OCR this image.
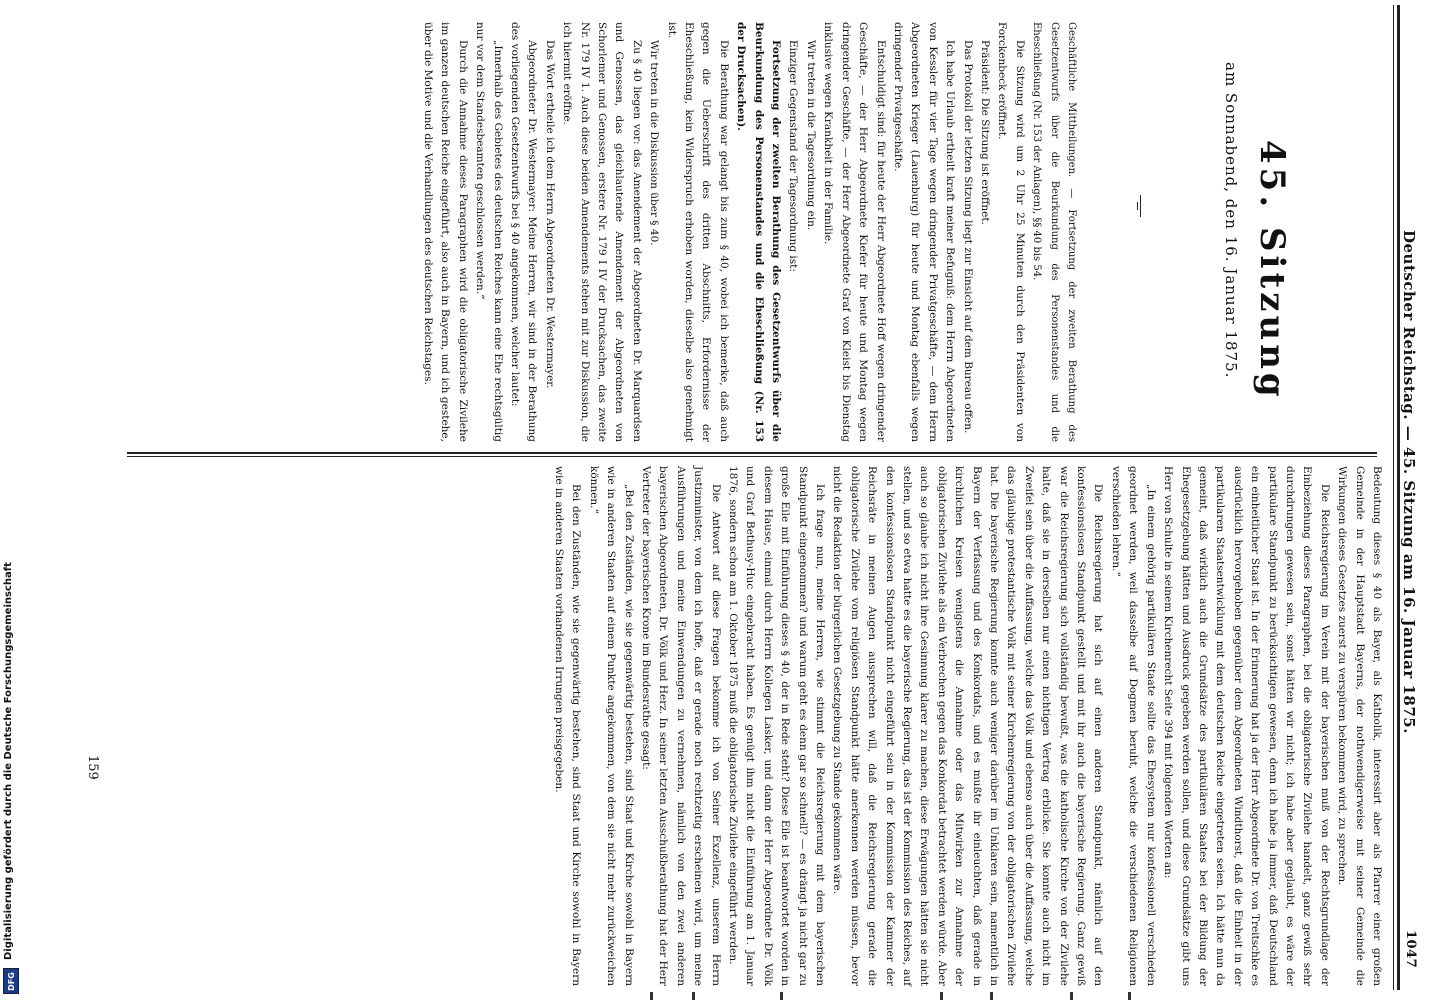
Deutscher Reichstag. — 45. Sitzung am 16. Januar 1875.
1047
45. Sitzung
am Sonnabend, den 16. Januar 1875.

Geschäftliche Mittheilungen. — Fortsetzung der zweiten Berathung des Gesetzentwurfs über die Beurkundung des Personenstandes und die Eheschließung (Nr. 153 der Anlagen), §§ 40 bis 54.

Die Sitzung wird um 2 Uhr 25 Minuten durch den Präsidenten von Forckenbeck eröffnet.

Präsident: Die Sitzung ist eröffnet.

Das Protokoll der letzten Sitzung liegt zur Einsicht auf dem Bureau offen.

Ich habe Urlaub ertheilt kraft meiner Befugniß: dem Herrn Abgeordneten von Kessler für vier Tage wegen dringender Privatgeschäfte, — dem Herrn Abgeordneten Krieger (Lauenburg) für heute und Montag ebenfalls wegen dringender Privatgeschäfte.

Entschuldigt sind: für heute der Herr Abgeordnete Hoff wegen dringender Geschäfte, — der Herr Abgeordnete Kiefer für heute und Montag wegen dringender Geschäfte, — der Herr Abgeordnete Graf von Kleist bis Dienstag inklusive wegen Krankheit in der Familie.

Wir treten in die Tagesordnung ein.

Einziger Gegenstand der Tagesordnung ist:

Fortsetzung der zweiten Berathung des Gesetzentwurfs über die Beurkundung des Personenstandes und die Eheschließung (Nr. 153 der Drucksachen).

Die Berathung war gelangt bis zum § 40, wobei ich bemerke, daß auch gegen die Ueberschrift des dritten Abschnitts, Erfordernisse der Eheschließung, kein Widerspruch erhoben worden, dieselbe also genehmigt ist.

Wir treten in die Diskussion über § 40.

Zu § 40 liegen vor: das Amendement der Abgeordneten Dr. Marquardsen und Genossen, das gleichlautende Amendement der Abgeordneten von Schorlemer und Genossen, erstere Nr. 179 I IV der Drucksachen, das zweite Nr. 179 IV 1. Auch diese beiden Amendements stehen mit zur Diskussion, die ich hiermit eröffne.

Das Wort ertheile ich dem Herrn Abgeordneten Dr. Westermayer.

Abgeordneter Dr. Westermayer: Meine Herren, wir sind in der Berathung des vorliegenden Gesetzentwurfs bei § 40 angekommen, welcher lautet:

„Innerhalb des Gebietes des deutschen Reiches kann eine Ehe rechtsgültig nur vor dem Standesbeamten geschlossen werden.“

Durch die Annahme dieses Paragraphen wird die obligatorische Zivilehe im ganzen deutschen Reiche eingeführt, also auch in Bayern, und ich gestehe, über die Motive und die Verhandlungen des deutschen Reichstages.

Bedeutung dieses § 40 als Bayer, als Katholik, interessirt aber als Pfarrer einer großen Gemeinde in der Hauptstadt Bayerns, der nothwendigerweise mit seiner Gemeinde die Wirkungen dieses Gesetzes zuerst zu verspüren bekommen wird, zu sprechen.

Die Reichsregierung im Verein mit der bayerischen muß von der Rechtsgrundlage der Einbeziehung dieses Paragraphen, bei die obligatorische Zivilehe handelt, ganz gewiß sehr durchdrungen gewesen sein, sonst hätten wir nicht; ich habe aber geglaubt, es wäre der partikulare Standpunkt zu berücksichtigen gewesen, denn ich habe ja immer, daß Deutschland ein einheitlicher Staat ist. In der Erinnerung hat ja der Herr Abgeordnete Dr. von Treitschke es ausdrücklich hervorgehoben gegenüber dem Abgeordneten Windthorst, daß die Einheit in der partikularen Staatsentwicklung mit dem deutschen Reiche eingetreten seien. Ich hätte nun da gemeint, daß wirklich auch die Grundsätze des partikulären Staates bei der Bildung der Ehegesetzgebung hätten und Ausdruck gegeben werden sollen, und diese Grundsätze gibt uns Herr von Schulte in seinem Kirchenrecht Seite 394 mit folgenden Worten an:

„In einem gehörig partikulären Staate sollte das Ehesystem nur konfessionell verschieden geordnet werden, weil dasselbe auf Dogmen beruht, welche die verschiedenen Religionen verschieden lehren.“

Die Reichsregierung hat sich auf einen anderen Standpunkt, nämlich auf den konfessionslosen Standpunkt gestellt und mit ihr auch die bayerische Regierung. Ganz gewiß war die Reichsregierung sich vollständig bewußt, was die katholische Kirche von der Zivilehe halte, daß sie in derselben nur einen nichtigen Vertrag erblicke. Sie konnte auch nicht im Zweifel sein über die Auffassung, welche das Volk und ebenso auch über die Auffassung, welche das gläubige protestantische Volk mit seiner Kirchenregierung von der obligatorischen Zivilehe hat. Die bayerische Regierung konnte auch weniger darüber im Unklaren sein, namentlich in Bayern der Verfassung und des Konkordats, und es mußte ihr einleuchten, daß gerade in kirchlichen Kreisen wenigstens die Annahme oder das Mitwirken zur Annahme der obligatorischen Zivilehe als ein Verbrechen gegen das Konkordat betrachtet werden würde. Aber auch so glaube ich nicht ihre Gesinnung klarer zu machen, diese Erwägungen hätten sie nicht stellen, und so etwa hatte es die bayerische Regierung, das ist der Kommission des Reiches, auf den konfessionslosen Standpunkt nicht eingeführt sein in der Kommission der Kammer der Reichsräte in meinen Augen aussprechen will, daß die Reichsregierung gerade die obligatorische Zivilehe vom religiösen Standpunkt hätte anerkennen werden müssen, bevor nicht die Redaktion der bürgerlichen Gesetzgebung zu Stande gekommen wäre.

Ich frage nun, meine Herren, wie stimmt die Reichsregierung mit dem bayerischen Standpunkt eingenommen? und warum geht es denn gar so schnell? — es drängt ja nicht gar zu große Eile mit Einführung dieses § 40, der in Rede steht? Diese Eile ist beantwortet worden in diesem Hause, einmal durch Herrn Kollegen Lasker, und dann der Herr Abgeordnete Dr. Völk und Graf Bethusy-Huc eingebracht haben. Es genügt ihm nicht die Einführung am 1. Januar 1876, sondern schon am 1. Oktober 1875 muß die obligatorische Zivilehe eingeführt werden.

Die Antwort auf diese Fragen bekomme ich von Seiner Exzellenz, unserem Herrn Justizminister, von dem ich hoffe, daß er gerade noch rechtzeitig erscheinen wird, um meine Ausführungen und meine Einwendungen zu vernehmen, nämlich von den zwei anderen bayerischen Abgeordneten, Dr. Völk und Herz. In seiner letzten Ausschußberathung hat der Herr Vertreter der bayerischen Krone im Bundesrathe gesagt:

„Bei den Zuständen, wie sie gegenwärtig bestehen, sind Staat und Kirche sowohl in Bayern wie in anderen Staaten auf einem Punkte angekommen, von dem sie nicht mehr zurückweichen können.“

Bei den Zuständen, wie sie gegenwärtig bestehen, sind Staat und Kirche sowohl in Bayern wie in anderen Staaten vorhandenen Irrungen preisgegeben.

159
Digitalisierung gefördert durch die Deutsche Forschungsgemeinschaft
DFG
